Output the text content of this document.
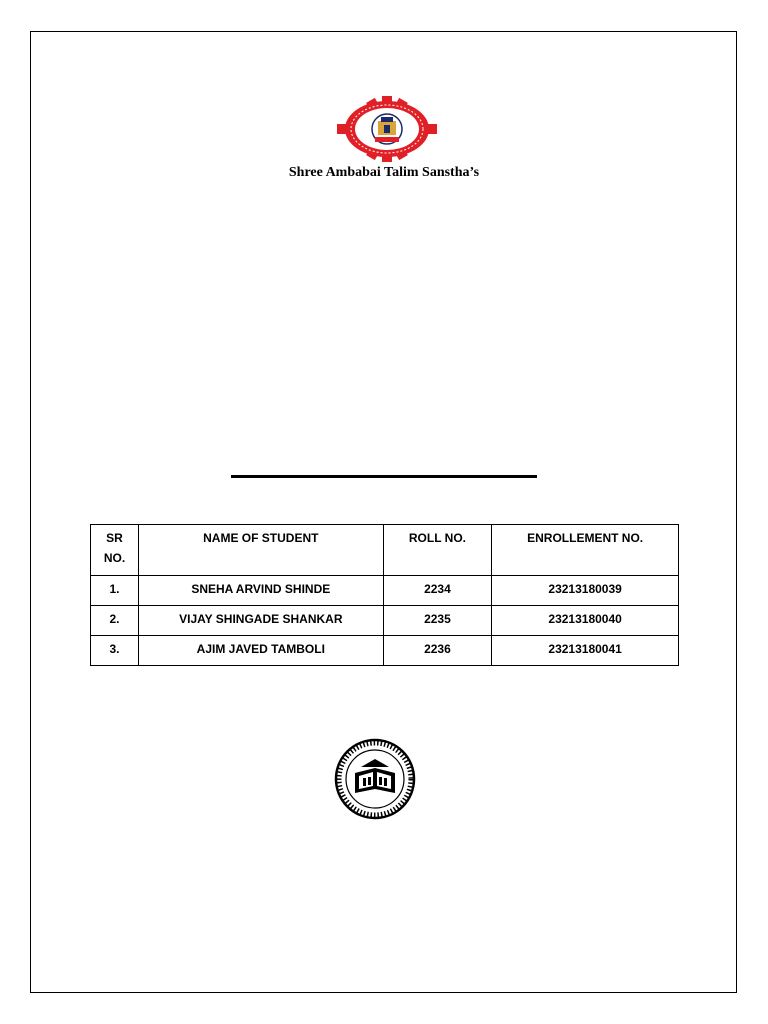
Shree Ambabai Talim Sanstha’s
SR
NO.	NAME OF STUDENT	ROLL NO.	ENROLLEMENT NO.
1.	SNEHA ARVIND SHINDE	2234	23213180039
2.	VIJAY SHINGADE SHANKAR	2235	23213180040
3.	AJIM JAVED TAMBOLI	2236	23213180041
